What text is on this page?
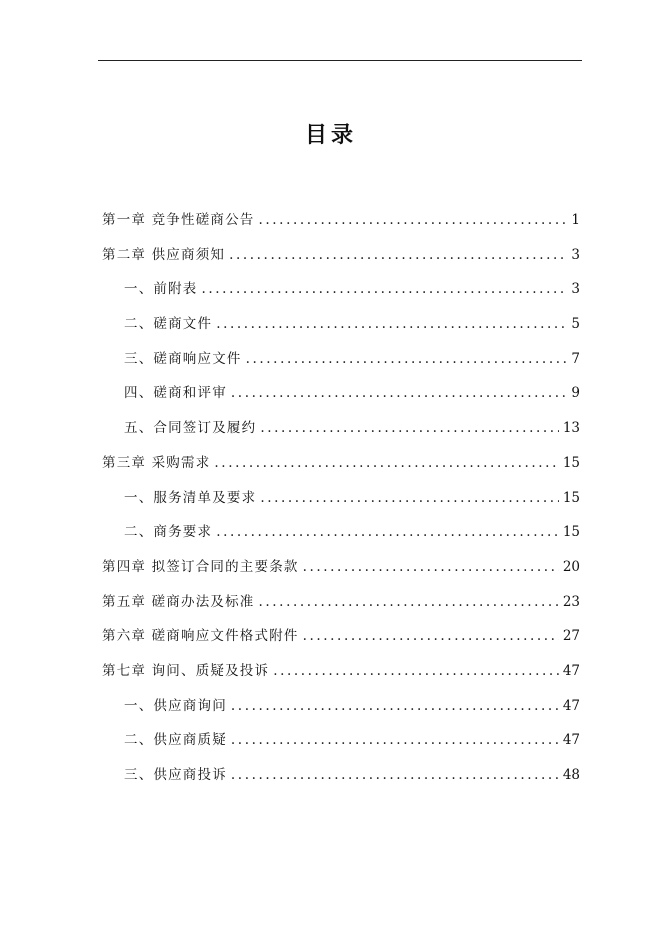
目录
第一章 竞争性磋商公告 .....	1
第二章 供应商须知 .....	3
一、前附表 .....	3
二、磋商文件 .....	5
三、磋商响应文件 .....	7
四、磋商和评审 .....	9
五、合同签订及履约 .....	13
第三章 采购需求 .....	15
一、服务清单及要求 .....	15
二、商务要求 .....	15
第四章 拟签订合同的主要条款 .....	20
第五章 磋商办法及标准 .....	23
第六章 磋商响应文件格式附件 .....	27
第七章 询问、质疑及投诉 .....	47
一、供应商询问 .....	47
二、供应商质疑 .....	47
三、供应商投诉 .....	48
